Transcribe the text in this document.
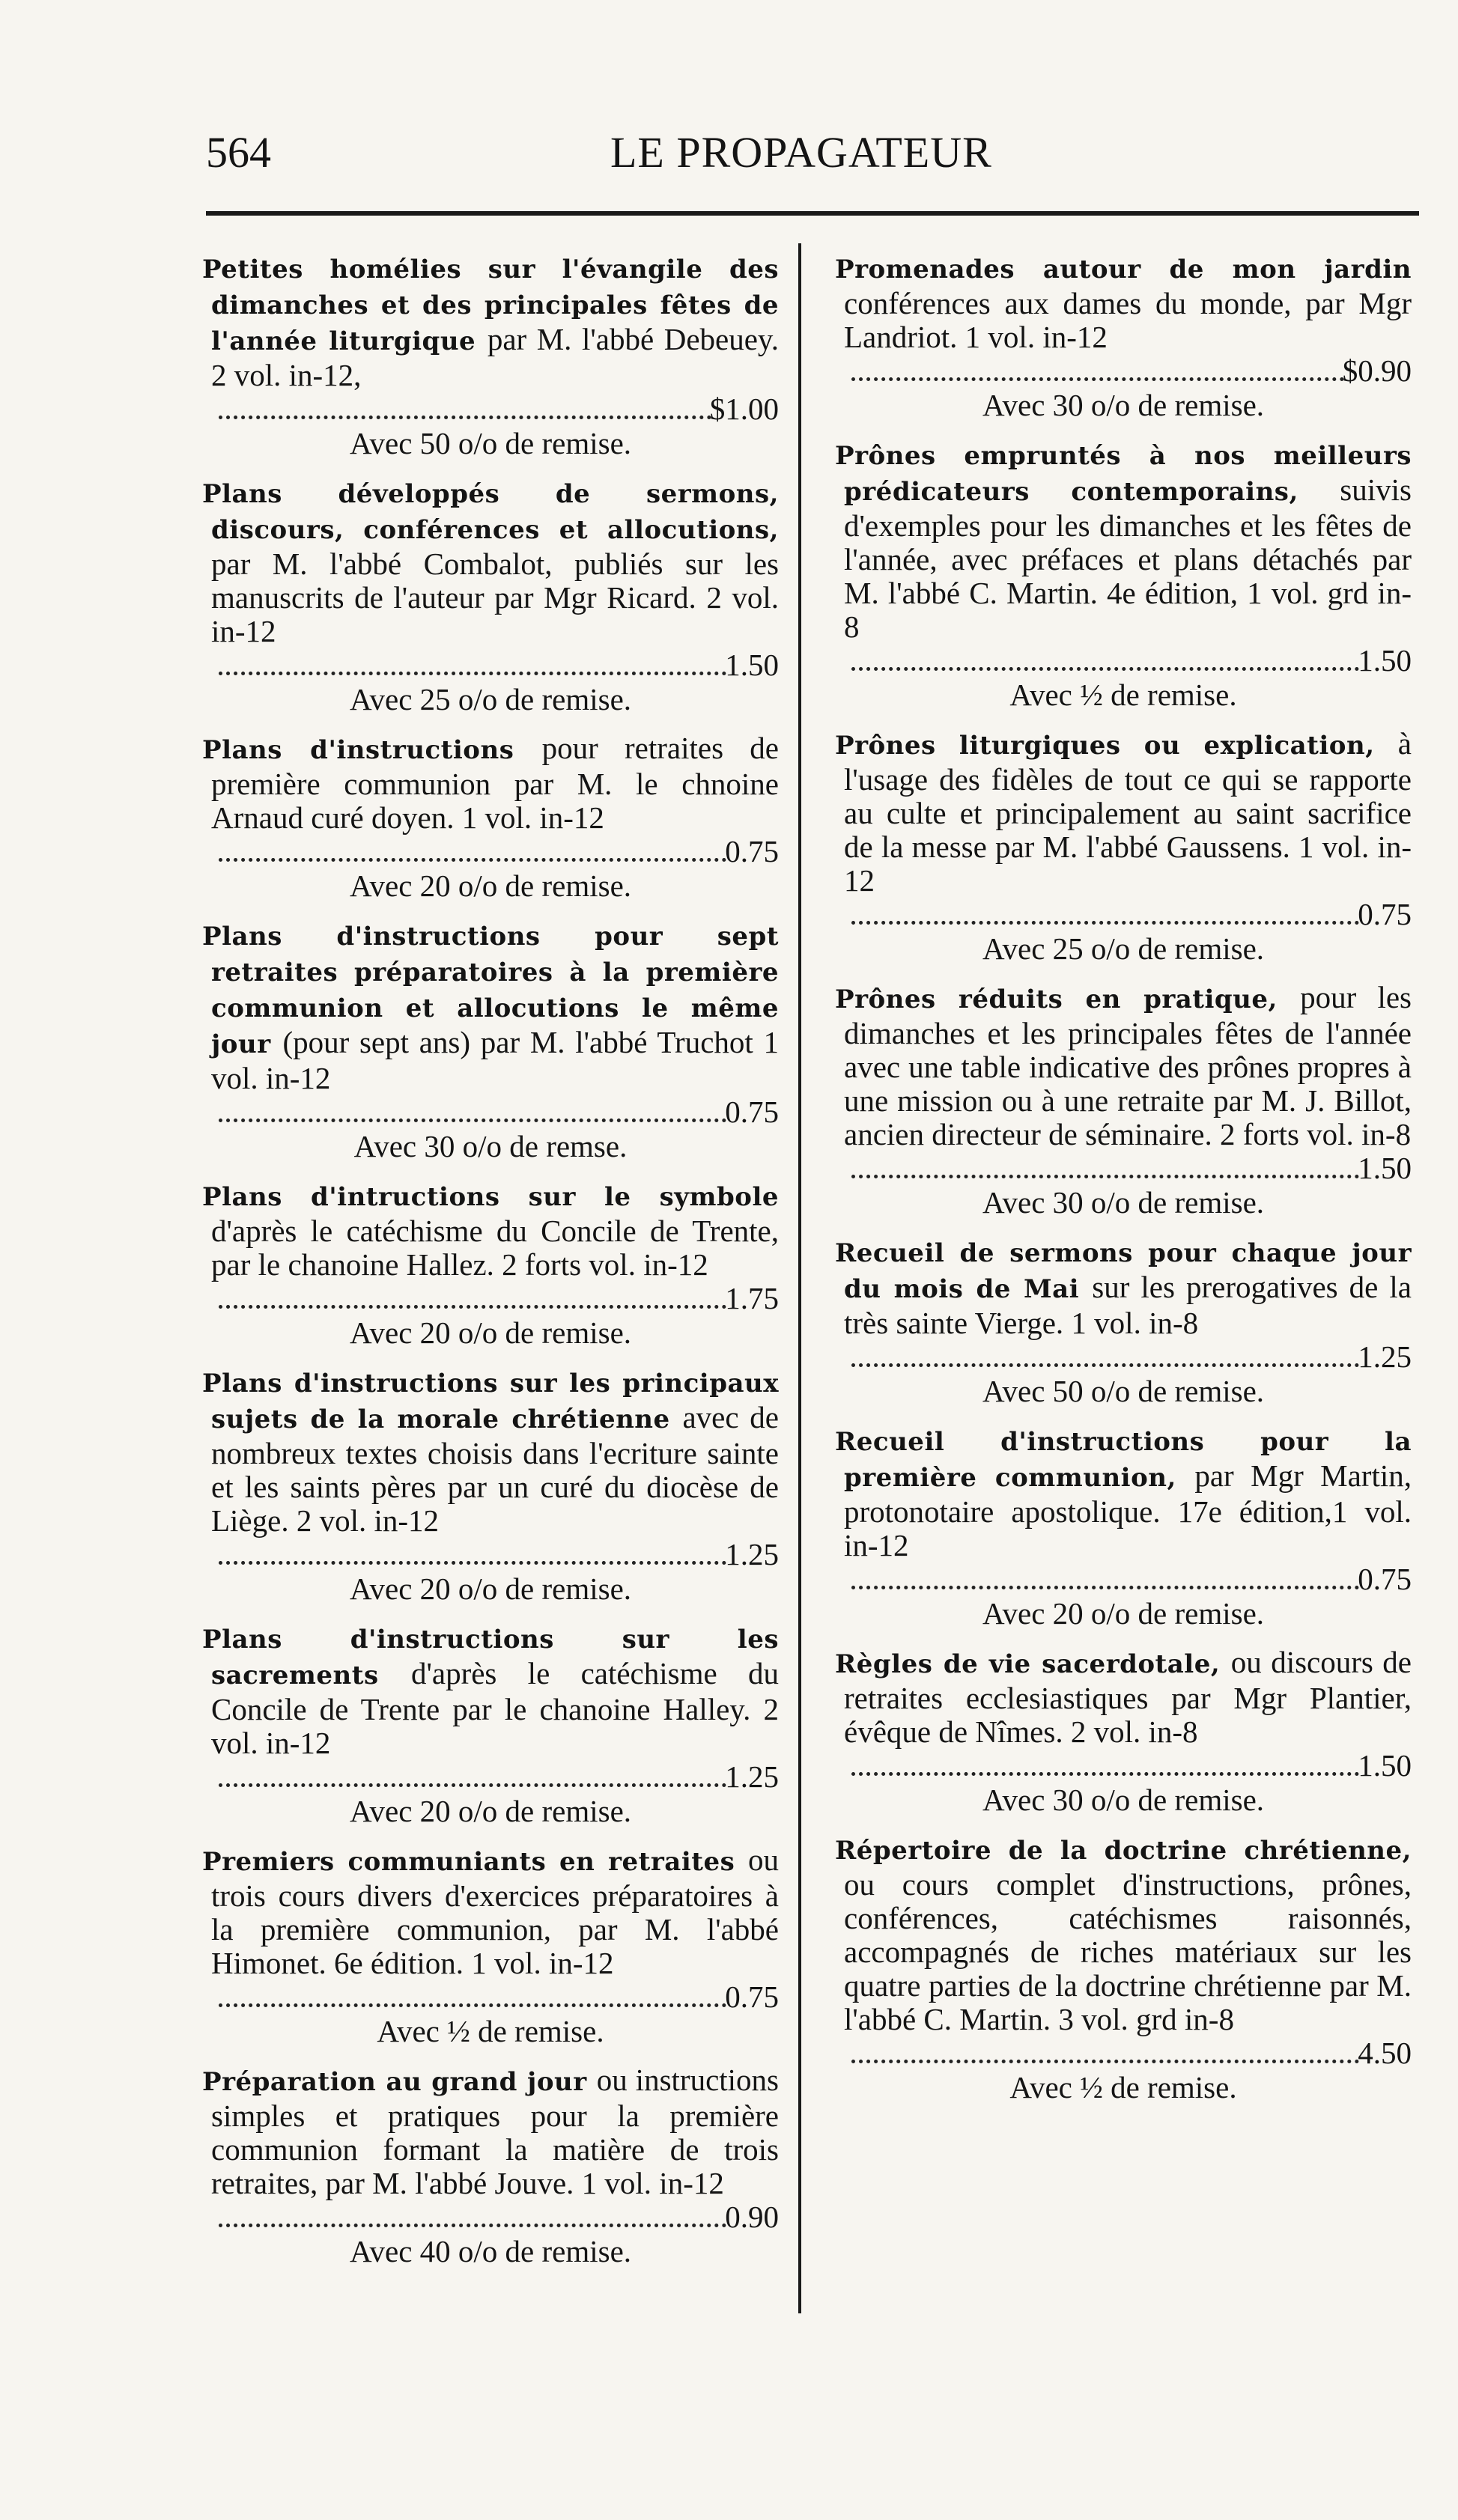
564	LE PROPAGATEUR
Petites homélies sur l'évangile des dimanches et des principales fêtes de l'année liturgique par M. l'abbé Debeuey. 2 vol. in-12,
$1.00
Avec 50 o/o de remise.
Plans développés de sermons, discours, conférences et allocutions, par M. l'abbé Combalot, publiés sur les manuscrits de l'auteur par Mgr Ricard. 2 vol. in-12
1.50
Avec 25 o/o de remise.
Plans d'instructions pour retraites de première communion par M. le chnoine Arnaud curé doyen. 1 vol. in-12
0.75
Avec 20 o/o de remise.
Plans d'instructions pour sept retraites préparatoires à la première communion et allocutions le même jour (pour sept ans) par M. l'abbé Truchot 1 vol. in-12
0.75
Avec 30 o/o de remse.
Plans d'intructions sur le symbole d'après le catéchisme du Concile de Trente, par le chanoine Hallez. 2 forts vol. in-12
1.75
Avec 20 o/o de remise.
Plans d'instructions sur les principaux sujets de la morale chrétienne avec de nombreux textes choisis dans l'ecriture sainte et les saints pères par un curé du diocèse de Liège. 2 vol. in-12
1.25
Avec 20 o/o de remise.
Plans d'instructions sur les sacrements d'après le catéchisme du Concile de Trente par le chanoine Halley. 2 vol. in-12
1.25
Avec 20 o/o de remise.
Premiers communiants en retraites ou trois cours divers d'exercices préparatoires à la première communion, par M. l'abbé Himonet. 6e édition. 1 vol. in-12
0.75
Avec ½ de remise.
Préparation au grand jour ou instructions simples et pratiques pour la première communion formant la matière de trois retraites, par M. l'abbé Jouve. 1 vol. in-12
0.90
Avec 40 o/o de remise.
Promenades autour de mon jardin conférences aux dames du monde, par Mgr Landriot. 1 vol. in-12
$0.90
Avec 30 o/o de remise.
Prônes empruntés à nos meilleurs prédicateurs contemporains, suivis d'exemples pour les dimanches et les fêtes de l'année, avec préfaces et plans détachés par M. l'abbé C. Martin. 4e édition, 1 vol. grd in-8
1.50
Avec ½ de remise.
Prônes liturgiques ou explication, à l'usage des fidèles de tout ce qui se rapporte au culte et principalement au saint sacrifice de la messe par M. l'abbé Gaussens. 1 vol. in-12
0.75
Avec 25 o/o de remise.
Prônes réduits en pratique, pour les dimanches et les principales fêtes de l'année avec une table indicative des prônes propres à une mission ou à une retraite par M. J. Billot, ancien directeur de séminaire. 2 forts vol. in-8
1.50
Avec 30 o/o de remise.
Recueil de sermons pour chaque jour du mois de Mai sur les prerogatives de la très sainte Vierge. 1 vol. in-8
1.25
Avec 50 o/o de remise.
Recueil d'instructions pour la première communion, par Mgr Martin, protonotaire apostolique. 17e édition,1 vol. in-12
0.75
Avec 20 o/o de remise.
Règles de vie sacerdotale, ou discours de retraites ecclesiastiques par Mgr Plantier, évêque de Nîmes. 2 vol. in-8
1.50
Avec 30 o/o de remise.
Répertoire de la doctrine chrétienne, ou cours complet d'instructions, prônes, conférences, catéchismes raisonnés, accompagnés de riches matériaux sur les quatre parties de la doctrine chrétienne par M. l'abbé C. Martin. 3 vol. grd in-8
4.50
Avec ½ de remise.
